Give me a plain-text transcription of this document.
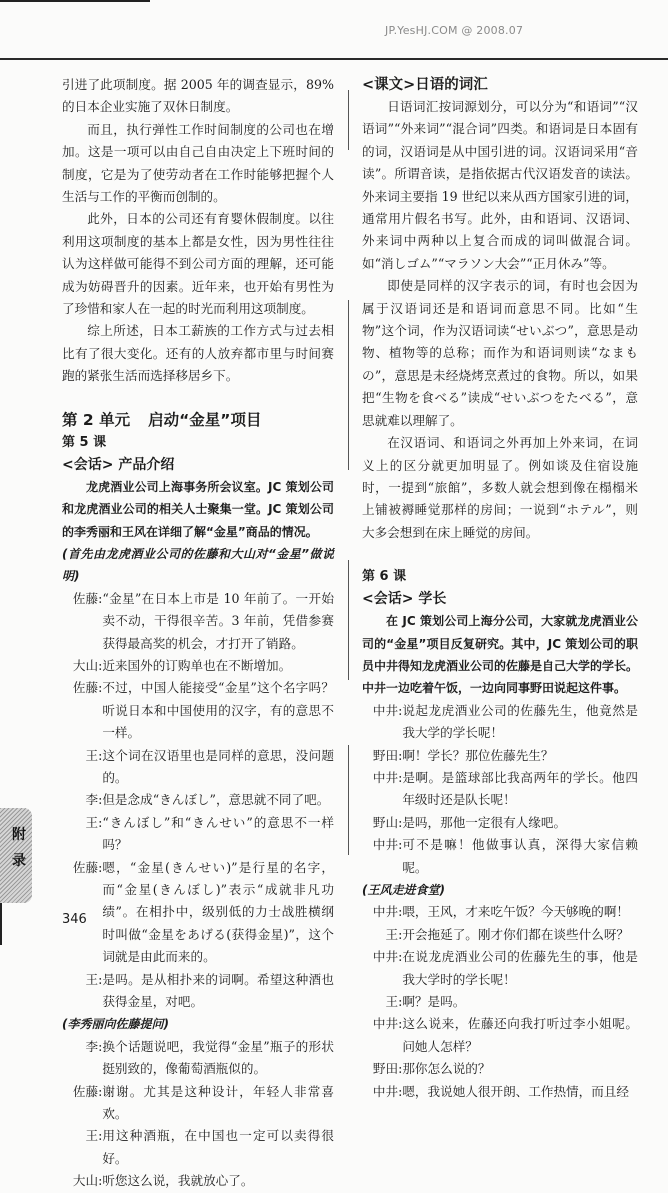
JP.YesHJ.COM @ 2008.07

引进了此项制度。据 2005 年的调查显示，89%的日本企业实施了双休日制度。

而且，执行弹性工作时间制度的公司也在增加。这是一项可以由自己自由决定上下班时间的制度，它是为了使劳动者在工作时能够把握个人生活与工作的平衡而创制的。

此外，日本的公司还有育婴休假制度。以往利用这项制度的基本上都是女性，因为男性往往认为这样做可能得不到公司方面的理解，还可能成为妨碍晋升的因素。近年来，也开始有男性为了珍惜和家人在一起的时光而利用这项制度。

综上所述，日本工薪族的工作方式与过去相比有了很大变化。还有的人放弃都市里与时间赛跑的紧张生活而选择移居乡下。

第 2 单元 启动“金星”项目
第 5 课
<会话> 产品介绍

龙虎酒业公司上海事务所会议室。JC 策划公司和龙虎酒业公司的相关人士聚集一堂。JC 策划公司的李秀丽和王风在详细了解“金星”商品的情况。

(首先由龙虎酒业公司的佐藤和大山对“金星”做说明)

佐藤: “金星”在日本上市是 10 年前了。一开始卖不动，干得很辛苦。3 年前，凭借参赛获得最高奖的机会，才打开了销路。
大山: 近来国外的订购单也在不断增加。
佐藤: 不过，中国人能接受“金星”这个名字吗？听说日本和中国使用的汉字，有的意思不一样。
王: 这个词在汉语里也是同样的意思，没问题的。
李: 但是念成“きんぼし”，意思就不同了吧。
王: “きんぼし”和“きんせい”的意思不一样吗？
佐藤: 嗯，“金星(きんせい)”是行星的名字，而“金星(きんぼし)”表示“成就非凡功绩”。在相扑中，级别低的力士战胜横纲时叫做“金星をあげる(获得金星)”，这个词就是由此而来的。
王: 是吗。是从相扑来的词啊。希望这种酒也获得金星，对吧。

(李秀丽向佐藤提问)

李: 换个话题说吧，我觉得“金星”瓶子的形状挺别致的，像葡萄酒瓶似的。
佐藤: 谢谢。尤其是这种设计，年轻人非常喜欢。
王: 用这种酒瓶，在中国也一定可以卖得很好。
大山: 听您这么说，我就放心了。
<课文>日语的词汇

日语词汇按词源划分，可以分为“和语词”“汉语词”“外来词”“混合词”四类。和语词是日本固有的词，汉语词是从中国引进的词。汉语词采用“音读”。所谓音读，是指依据古代汉语发音的读法。外来词主要指 19 世纪以来从西方国家引进的词，通常用片假名书写。此外，由和语词、汉语词、外来词中两种以上复合而成的词叫做混合词。如“消しゴム”“マラソン大会”“正月休み”等。

即使是同样的汉字表示的词，有时也会因为属于汉语词还是和语词而意思不同。比如“生物”这个词，作为汉语词读“せいぶつ”，意思是动物、植物等的总称；而作为和语词则读“なまもの”，意思是未经烧烤烹煮过的食物。所以，如果把“生物を食べる”读成“せいぶつをたべる”，意思就难以理解了。

在汉语词、和语词之外再加上外来词，在词义上的区分就更加明显了。例如谈及住宿设施时，一提到“旅館”，多数人就会想到像在榻榻米上铺被褥睡觉那样的房间；一说到“ホテル”，则大多会想到在床上睡觉的房间。

第 6 课
<会话> 学长

在 JC 策划公司上海分公司，大家就龙虎酒业公司的“金星”项目反复研究。其中，JC 策划公司的职员中井得知龙虎酒业公司的佐藤是自己大学的学长。中井一边吃着午饭，一边向同事野田说起这件事。

中井: 说起龙虎酒业公司的佐藤先生，他竟然是我大学的学长呢！
野田: 啊！学长？那位佐藤先生？
中井: 是啊。是篮球部比我高两年的学长。他四年级时还是队长呢！
野山: 是吗，那他一定很有人缘吧。
中井: 可不是嘛！他做事认真，深得大家信赖呢。

(王风走进食堂)

中井: 喂，王风，才来吃午饭？今天够晚的啊！
王: 开会拖延了。刚才你们都在谈些什么呀？
中井: 在说龙虎酒业公司的佐藤先生的事，他是我大学时的学长呢！
王: 啊？是吗。
中井: 这么说来，佐藤还向我打听过李小姐呢。问她人怎样？
野田: 那你怎么说的？
中井: 嗯，我说她人很开朗、工作热情，而且经
附录
346
